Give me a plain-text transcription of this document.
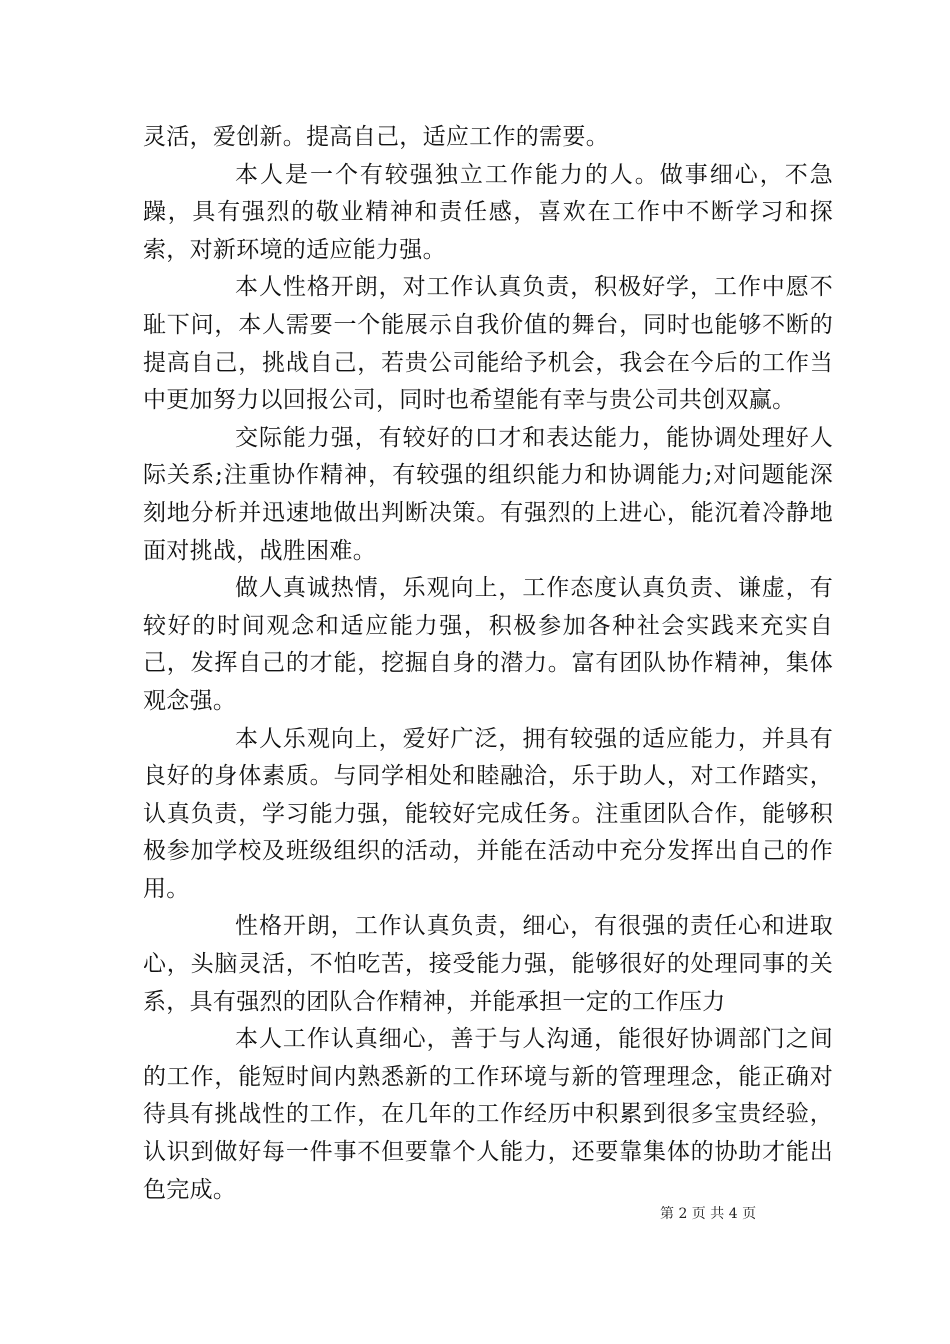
灵活，爱创新。提高自己，适应工作的需要。

本人是一个有较强独立工作能力的人。做事细心，不急躁，具有强烈的敬业精神和责任感，喜欢在工作中不断学习和探索，对新环境的适应能力强。

本人性格开朗，对工作认真负责，积极好学，工作中愿不耻下问，本人需要一个能展示自我价值的舞台，同时也能够不断的提高自己，挑战自己，若贵公司能给予机会，我会在今后的工作当中更加努力以回报公司，同时也希望能有幸与贵公司共创双赢。

交际能力强，有较好的口才和表达能力，能协调处理好人际关系;注重协作精神，有较强的组织能力和协调能力;对问题能深刻地分析并迅速地做出判断决策。有强烈的上进心，能沉着冷静地面对挑战，战胜困难。

做人真诚热情，乐观向上，工作态度认真负责、谦虚，有较好的时间观念和适应能力强，积极参加各种社会实践来充实自己，发挥自己的才能，挖掘自身的潜力。富有团队协作精神，集体观念强。

本人乐观向上，爱好广泛，拥有较强的适应能力，并具有良好的身体素质。与同学相处和睦融洽，乐于助人，对工作踏实，认真负责，学习能力强，能较好完成任务。注重团队合作，能够积极参加学校及班级组织的活动，并能在活动中充分发挥出自己的作用。

性格开朗，工作认真负责，细心，有很强的责任心和进取心，头脑灵活，不怕吃苦，接受能力强，能够很好的处理同事的关系，具有强烈的团队合作精神，并能承担一定的工作压力

本人工作认真细心，善于与人沟通，能很好协调部门之间的工作，能短时间内熟悉新的工作环境与新的管理理念，能正确对待具有挑战性的工作，在几年的工作经历中积累到很多宝贵经验，认识到做好每一件事不但要靠个人能力，还要靠集体的协助才能出色完成。

第 2 页 共 4 页
